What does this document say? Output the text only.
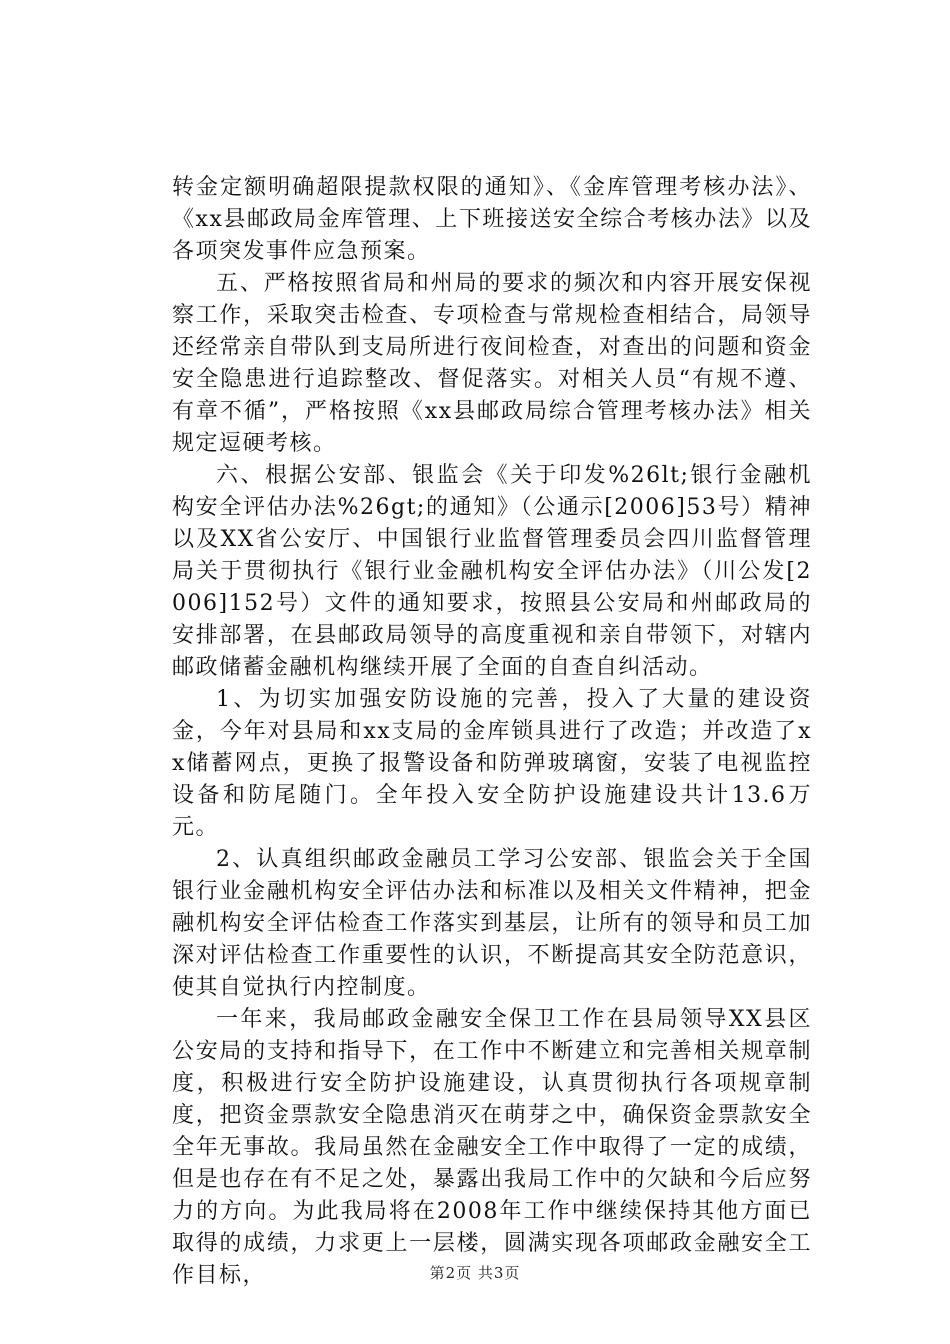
转金定额明确超限提款权限的通知》、《金库管理考核办法》、《xx县邮政局金库管理、上下班接送安全综合考核办法》以及各项突发事件应急预案。

五、严格按照省局和州局的要求的频次和内容开展安保视察工作，采取突击检查、专项检查与常规检查相结合，局领导还经常亲自带队到支局所进行夜间检查，对查出的问题和资金安全隐患进行追踪整改、督促落实。对相关人员“有规不遵、有章不循”，严格按照《xx县邮政局综合管理考核办法》相关规定逗硬考核。

六、根据公安部、银监会《关于印发%26lt;银行金融机构安全评估办法%26gt;的通知》（公通示[2006]53号）精神以及XX省公安厅、中国银行业监督管理委员会四川监督管理局关于贯彻执行《银行业金融机构安全评估办法》（川公发[2006]152号）文件的通知要求，按照县公安局和州邮政局的安排部署，在县邮政局领导的高度重视和亲自带领下，对辖内邮政储蓄金融机构继续开展了全面的自查自纠活动。

1、为切实加强安防设施的完善，投入了大量的建设资金，今年对县局和xx支局的金库锁具进行了改造；并改造了xx储蓄网点，更换了报警设备和防弹玻璃窗，安装了电视监控设备和防尾随门。全年投入安全防护设施建设共计13.6万元。

2、认真组织邮政金融员工学习公安部、银监会关于全国银行业金融机构安全评估办法和标准以及相关文件精神，把金融机构安全评估检查工作落实到基层，让所有的领导和员工加深对评估检查工作重要性的认识，不断提高其安全防范意识，使其自觉执行内控制度。

一年来，我局邮政金融安全保卫工作在县局领导XX县区公安局的支持和指导下，在工作中不断建立和完善相关规章制度，积极进行安全防护设施建设，认真贯彻执行各项规章制度，把资金票款安全隐患消灭在萌芽之中，确保资金票款安全全年无事故。我局虽然在金融安全工作中取得了一定的成绩，但是也存在有不足之处，暴露出我局工作中的欠缺和今后应努力的方向。为此我局将在2008年工作中继续保持其他方面已取得的成绩，力求更上一层楼，圆满实现各项邮政金融安全工作目标，	第2页 共3页
